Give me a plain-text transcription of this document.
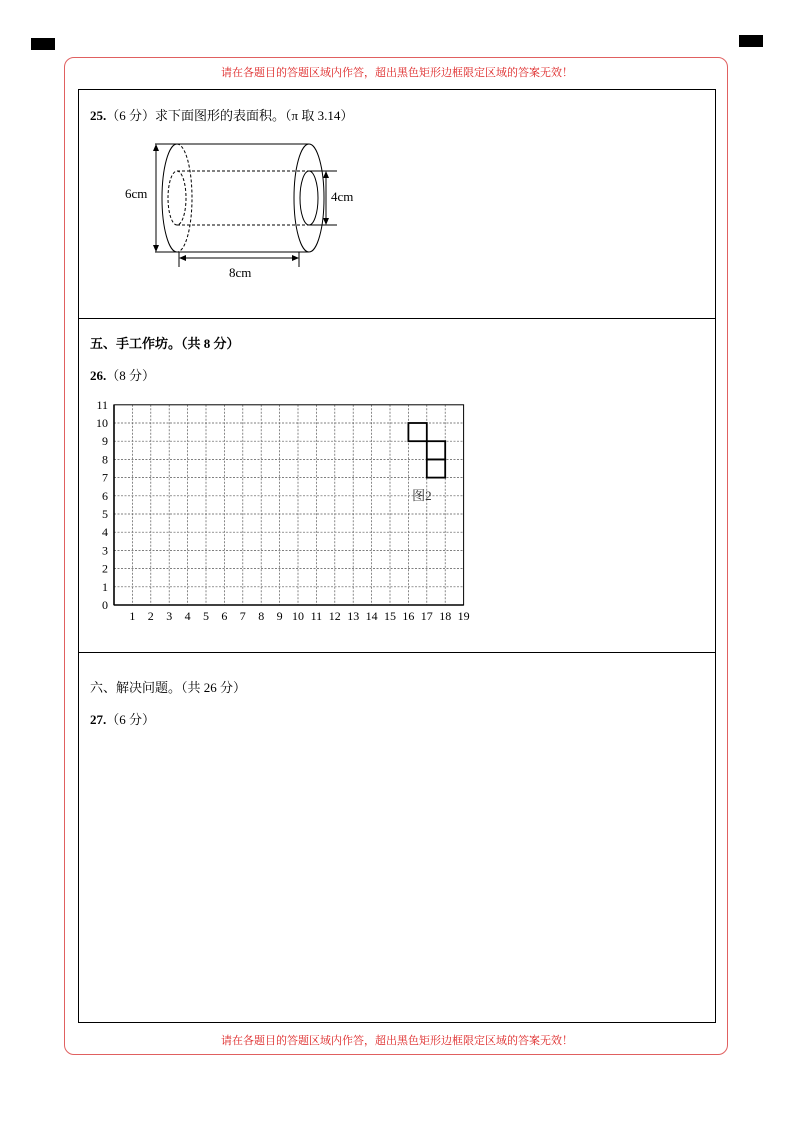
请在各题目的答题区域内作答，超出黑色矩形边框限定区域的答案无效！
请在各题目的答题区域内作答，超出黑色矩形边框限定区域的答案无效！
25.（6 分）求下面图形的表面积。（π 取 3.14）
6cm	4cm
8cm
五、手工作坊。（共 8 分）
26.（8 分）
0
1
2
3
4
5
6
7
8
9
10
11
1 2 3 4 5 6 7 8 9 10 11 12 13 14 15 16 17 18 19
图2
六、解决问题。（共 26 分）
27.（6 分）
